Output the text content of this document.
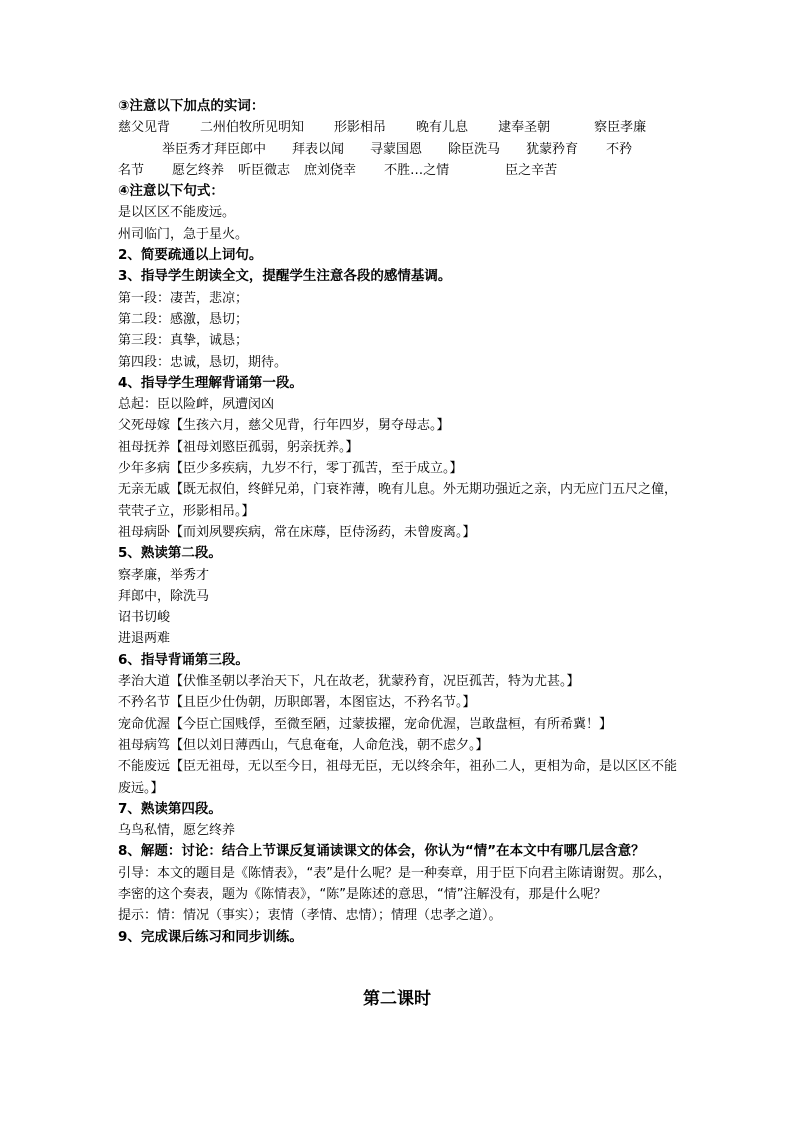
③注意以下加点的实词：
慈父见背 二州伯牧所见明知 形影相吊 晚有儿息 逮奉圣朝	察臣孝廉
举臣秀才拜臣郎中 拜表以闻 寻蒙国恩 除臣洗马 犹蒙矜育 不矜
名节 愿乞终养 听臣微志 庶刘侥幸 不胜…之情	臣之辛苦
④注意以下句式：
是以区区不能废远。
州司临门，急于星火。
2、简要疏通以上词句。
3、指导学生朗读全文，提醒学生注意各段的感情基调。
第一段：凄苦，悲凉；
第二段：感激，恳切；
第三段：真挚，诚恳；
第四段：忠诚，恳切，期待。
4、指导学生理解背诵第一段。
总起：臣以险衅，夙遭闵凶
父死母嫁【生孩六月，慈父见背，行年四岁，舅夺母志。】
祖母抚养【祖母刘愍臣孤弱，躬亲抚养。】
少年多病【臣少多疾病，九岁不行，零丁孤苦，至于成立。】
无亲无戚【既无叔伯，终鲜兄弟，门衰祚薄，晚有儿息。外无期功强近之亲，内无应门五尺之僮，茕茕孑立，形影相吊。】
祖母病卧【而刘夙婴疾病，常在床蓐，臣侍汤药，未曾废离。】
5、熟读第二段。
察孝廉，举秀才
拜郎中，除洗马
诏书切峻
进退两难
6、指导背诵第三段。
孝治大道【伏惟圣朝以孝治天下，凡在故老，犹蒙矜育，况臣孤苦，特为尤甚。】
不矜名节【且臣少仕伪朝，历职郎署，本图宦达，不矜名节。】
宠命优渥【今臣亡国贱俘，至微至陋，过蒙拔擢，宠命优渥，岂敢盘桓，有所希冀！】
祖母病笃【但以刘日薄西山，气息奄奄，人命危浅，朝不虑夕。】
不能废远【臣无祖母，无以至今日，祖母无臣，无以终余年，祖孙二人，更相为命，是以区区不能废远。】
7、熟读第四段。
乌鸟私情，愿乞终养
8、解题：讨论：结合上节课反复诵读课文的体会，你认为“情”在本文中有哪几层含意？
引导：本文的题目是《陈情表》，“表”是什么呢？是一种奏章，用于臣下向君主陈请谢贺。那么，李密的这个奏表，题为《陈情表》，“陈”是陈述的意思，“情”注解没有，那是什么呢？
提示：情：情况（事实）；衷情（孝情、忠情）；情理（忠孝之道）。
9、完成课后练习和同步训练。
第二课时
